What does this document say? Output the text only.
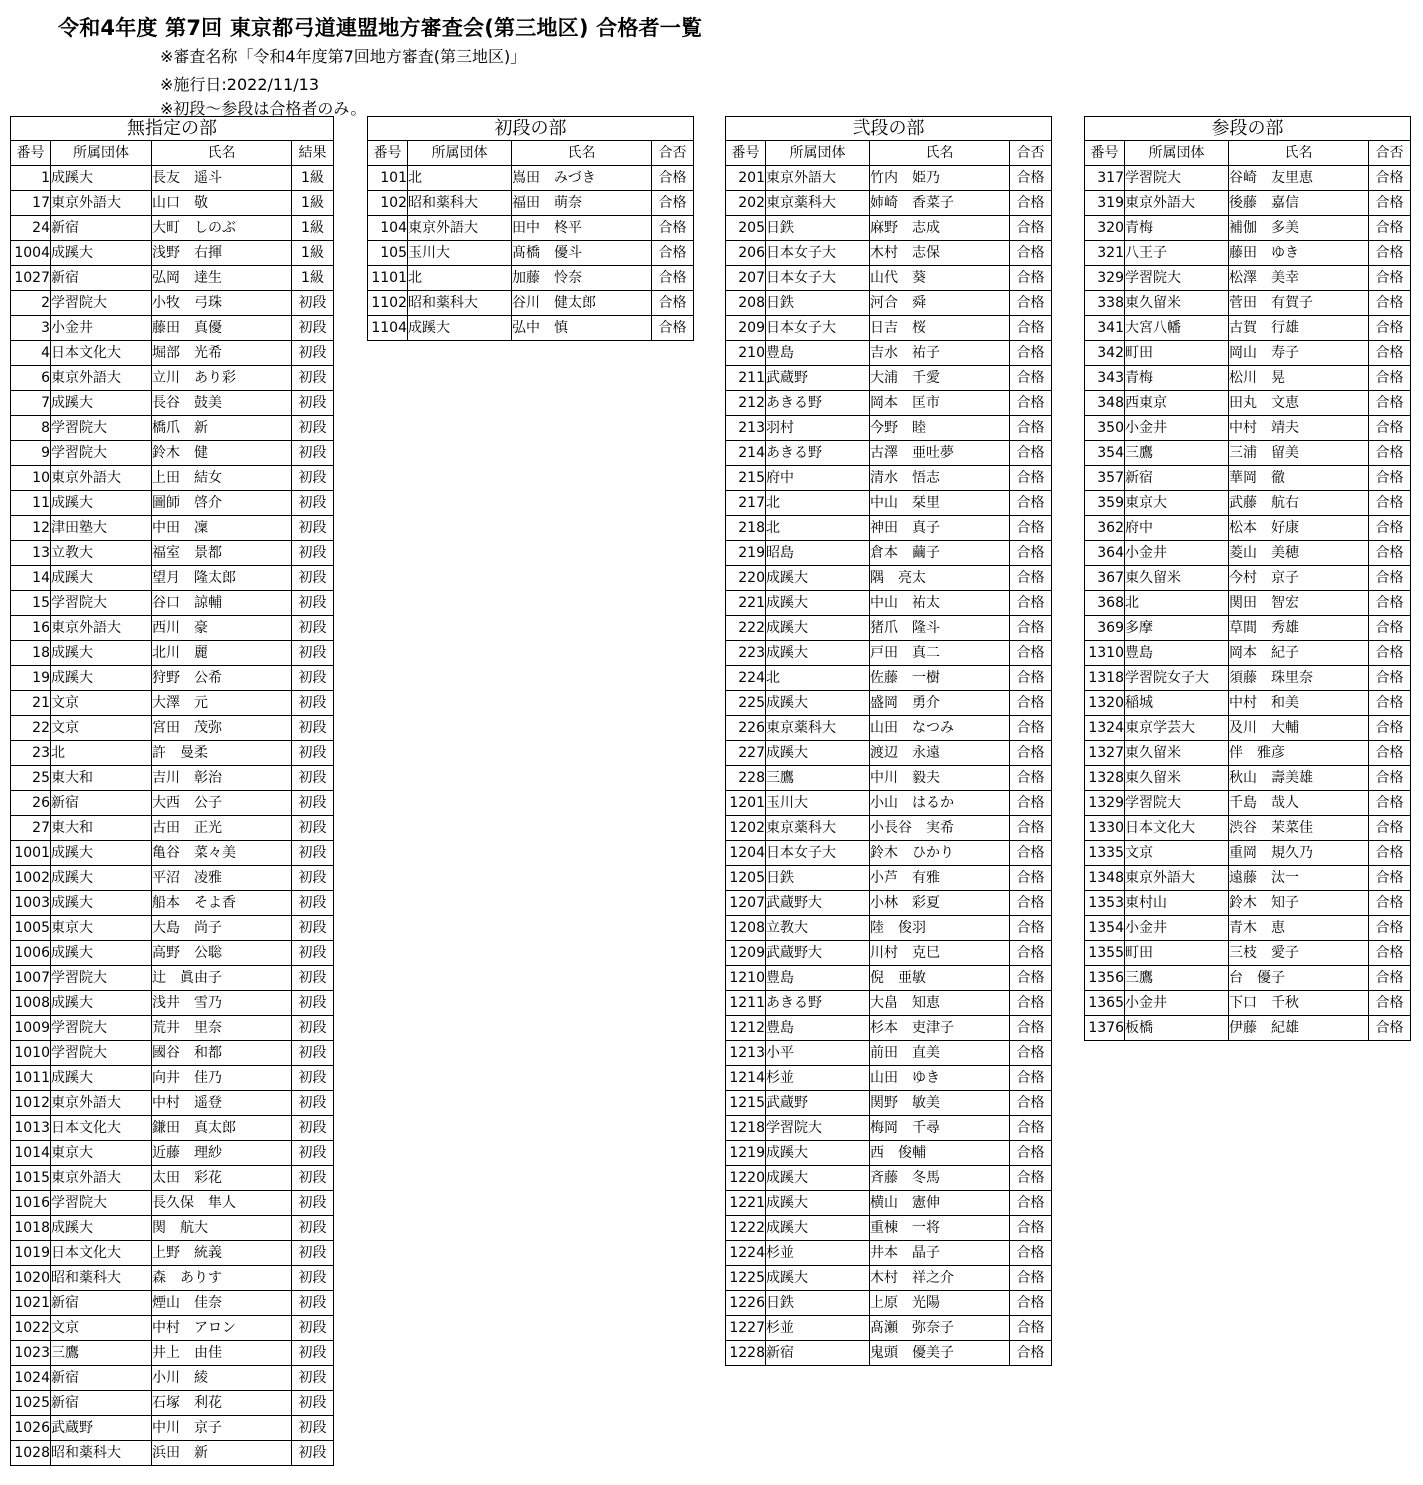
令和4年度 第7回 東京都弓道連盟地方審査会(第三地区) 合格者一覧
※審査名称「令和4年度第7回地方審査(第三地区)」
※施行日:2022/11/13
※初段～参段は合格者のみ。
無指定の部			
番号	所属団体	氏名	結果
1	成蹊大	長友　遥斗	1級
17	東京外語大	山口　敬	1級
24	新宿	大町　しのぶ	1級
1004	成蹊大	浅野　右揮	1級
1027	新宿	弘岡　達生	1級
2	学習院大	小牧　弓珠	初段
3	小金井	藤田　真優	初段
4	日本文化大	堀部　光希	初段
6	東京外語大	立川　あり彩	初段
7	成蹊大	長谷　鼓美	初段
8	学習院大	橋爪　新	初段
9	学習院大	鈴木　健	初段
10	東京外語大	上田　結女	初段
11	成蹊大	圖師　啓介	初段
12	津田塾大	中田　凜	初段
13	立教大	福室　景都	初段
14	成蹊大	望月　隆太郎	初段
15	学習院大	谷口　諒輔	初段
16	東京外語大	西川　豪	初段
18	成蹊大	北川　麗	初段
19	成蹊大	狩野　公希	初段
21	文京	大澤　元	初段
22	文京	宮田　茂弥	初段
23	北	許　曼柔	初段
25	東大和	吉川　彰治	初段
26	新宿	大西　公子	初段
27	東大和	古田　正光	初段
1001	成蹊大	亀谷　菜々美	初段
1002	成蹊大	平沼　凌雅	初段
1003	成蹊大	船本　そよ香	初段
1005	東京大	大島　尚子	初段
1006	成蹊大	高野　公聡	初段
1007	学習院大	辻　眞由子	初段
1008	成蹊大	浅井　雪乃	初段
1009	学習院大	荒井　里奈	初段
1010	学習院大	國谷　和都	初段
1011	成蹊大	向井　佳乃	初段
1012	東京外語大	中村　遥登	初段
1013	日本文化大	鎌田　真太郎	初段
1014	東京大	近藤　理紗	初段
1015	東京外語大	太田　彩花	初段
1016	学習院大	長久保　隼人	初段
1018	成蹊大	関　航大	初段
1019	日本文化大	上野　統義	初段
1020	昭和薬科大	森　ありす	初段
1021	新宿	煙山　佳奈	初段
1022	文京	中村　アロン	初段
1023	三鷹	井上　由佳	初段
1024	新宿	小川　綾	初段
1025	新宿	石塚　利花	初段
1026	武蔵野	中川　京子	初段
1028	昭和薬科大	浜田　新	初段
初段の部			
番号	所属団体	氏名	合否
101	北	嶌田　みづき	合格
102	昭和薬科大	福田　萌奈	合格
104	東京外語大	田中　柊平	合格
105	玉川大	髙橋　優斗	合格
1101	北	加藤　怜奈	合格
1102	昭和薬科大	谷川　健太郎	合格
1104	成蹊大	弘中　慎	合格
弐段の部			
番号	所属団体	氏名	合否
201	東京外語大	竹内　姫乃	合格
202	東京薬科大	姉崎　香菜子	合格
205	日鉄	麻野　志成	合格
206	日本女子大	木村　志保	合格
207	日本女子大	山代　葵	合格
208	日鉄	河合　舜	合格
209	日本女子大	日吉　桜	合格
210	豊島	吉水　祐子	合格
211	武蔵野	大浦　千愛	合格
212	あきる野	岡本　匡市	合格
213	羽村	今野　睦	合格
214	あきる野	古澤　亜吐夢	合格
215	府中	清水　悟志	合格
217	北	中山　栞里	合格
218	北	神田　真子	合格
219	昭島	倉本　繭子	合格
220	成蹊大	隅　亮太	合格
221	成蹊大	中山　祐太	合格
222	成蹊大	猪爪　隆斗	合格
223	成蹊大	戸田　真二	合格
224	北	佐藤　一樹	合格
225	成蹊大	盛岡　勇介	合格
226	東京薬科大	山田　なつみ	合格
227	成蹊大	渡辺　永遠	合格
228	三鷹	中川　毅夫	合格
1201	玉川大	小山　はるか	合格
1202	東京薬科大	小長谷　実希	合格
1204	日本女子大	鈴木　ひかり	合格
1205	日鉄	小芦　有雅	合格
1207	武蔵野大	小林　彩夏	合格
1208	立教大	陸　俊羽	合格
1209	武蔵野大	川村　克巳	合格
1210	豊島	倪　亜敏	合格
1211	あきる野	大畠　知恵	合格
1212	豊島	杉本　吏津子	合格
1213	小平	前田　直美	合格
1214	杉並	山田　ゆき	合格
1215	武蔵野	関野　敏美	合格
1218	学習院大	梅岡　千尋	合格
1219	成蹊大	西　俊輔	合格
1220	成蹊大	斉藤　冬馬	合格
1221	成蹊大	横山　憲伸	合格
1222	成蹊大	重棟　一将	合格
1224	杉並	井本　晶子	合格
1225	成蹊大	木村　祥之介	合格
1226	日鉄	上原　光陽	合格
1227	杉並	髙瀬　弥奈子	合格
1228	新宿	鬼頭　優美子	合格
参段の部			
番号	所属団体	氏名	合否
317	学習院大	谷崎　友里恵	合格
319	東京外語大	後藤　嘉信	合格
320	青梅	補伽　多美	合格
321	八王子	藤田　ゆき	合格
329	学習院大	松澤　美幸	合格
338	東久留米	菅田　有賀子	合格
341	大宮八幡	古賀　行雄	合格
342	町田	岡山　寿子	合格
343	青梅	松川　晃	合格
348	西東京	田丸　文恵	合格
350	小金井	中村　靖夫	合格
354	三鷹	三浦　留美	合格
357	新宿	華岡　徹	合格
359	東京大	武藤　航右	合格
362	府中	松本　好康	合格
364	小金井	菱山　美穂	合格
367	東久留米	今村　京子	合格
368	北	関田　智宏	合格
369	多摩	草間　秀雄	合格
1310	豊島	岡本　紀子	合格
1318	学習院女子大	須藤　珠里奈	合格
1320	稲城	中村　和美	合格
1324	東京学芸大	及川　大輔	合格
1327	東久留米	伴　雅彦	合格
1328	東久留米	秋山　壽美雄	合格
1329	学習院大	千島　哉人	合格
1330	日本文化大	渋谷　茉菜佳	合格
1335	文京	重岡　規久乃	合格
1348	東京外語大	遠藤　汰一	合格
1353	東村山	鈴木　知子	合格
1354	小金井	青木　恵	合格
1355	町田	三枝　愛子	合格
1356	三鷹	台　優子	合格
1365	小金井	下口　千秋	合格
1376	板橋	伊藤　紀雄	合格
